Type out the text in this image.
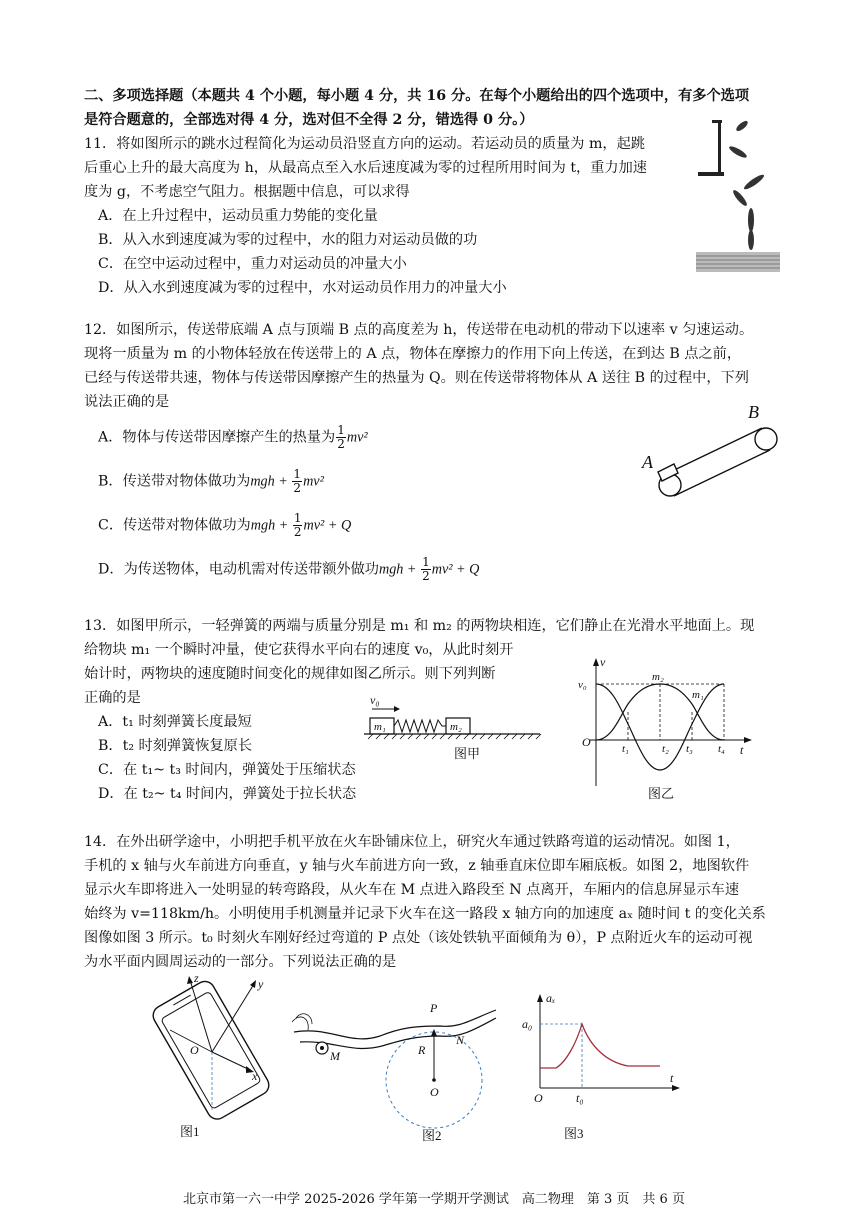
二、多项选择题（本题共 4 个小题，每小题 4 分，共 16 分。在每个小题给出的四个选项中，有多个选项
是符合题意的，全部选对得 4 分，选对但不全得 2 分，错选得 0 分。）
11．将如图所示的跳水过程简化为运动员沿竖直方向的运动。若运动员的质量为 m，起跳
后重心上升的最大高度为 h，从最高点至入水后速度减为零的过程所用时间为 t，重力加速
度为 g，不考虑空气阻力。根据题中信息，可以求得
A．在上升过程中，运动员重力势能的变化量
B．从入水到速度减为零的过程中，水的阻力对运动员做的功
C．在空中运动过程中，重力对运动员的冲量大小
D．从入水到速度减为零的过程中，水对运动员作用力的冲量大小
12．如图所示，传送带底端 A 点与顶端 B 点的高度差为 h，传送带在电动机的带动下以速率 v 匀速运动。
现将一质量为 m 的小物体轻放在传送带上的 A 点，物体在摩擦力的作用下向上传送，在到达 B 点之前，
已经与传送带共速，物体与传送带因摩擦产生的热量为 Q。则在传送带将物体从 A 送往 B 的过程中，下列
说法正确的是
A．物体与传送带因摩擦产生的热量为 $\frac{1}{2} mv^2$
B．传送带对物体做功为mgh + $\frac{1}{2} mv^2$
C．传送带对物体做功为mgh + $\frac{1}{2} mv^2 + Q$
D．为传送物体，电动机需对传送带额外做功mgh + $\frac{1}{2} mv^2 + Q$
A
B
13．如图甲所示，一轻弹簧的两端与质量分别是 m₁ 和 m₂ 的两物块相连，它们静止在光滑水平地面上。现
给物块 m₁ 一个瞬时冲量，使它获得水平向右的速度 v₀，从此时刻开
始计时，两物块的速度随时间变化的规律如图乙所示。则下列判断
正确的是
A．t₁ 时刻弹簧长度最短
B．t₂ 时刻弹簧恢复原长
C．在 t₁~ t₃ 时间内，弹簧处于压缩状态
D．在 t₂~ t₄ 时间内，弹簧处于拉长状态
v₀
m₁	m₂
图甲
v
t
O
v₀
m₂
m₁
t₁	t₂ t₃ t₄
图乙
14．在外出研学途中，小明把手机平放在火车卧铺床位上，研究火车通过铁路弯道的运动情况。如图 1，
手机的 x 轴与火车前进方向垂直，y 轴与火车前进方向一致，z 轴垂直床位即车厢底板。如图 2，地图软件
显示火车即将进入一处明显的转弯路段，从火车在 M 点进入路段至 N 点离开，车厢内的信息屏显示车速
始终为 v=118km/h。小明使用手机测量并记录下火车在这一路段 x 轴方向的加速度 aₓ 随时间 t 的变化关系
图像如图 3 所示。t₀ 时刻火车刚好经过弯道的 P 点处（该处铁轨平面倾角为 θ），P 点附近火车的运动可视
为水平面内圆周运动的一部分。下列说法正确的是
z	y
x
O
图1
P
N
M	R
O
图2
aₓ
a₀
t
t₀
O
图3
北京市第一六一中学 2025-2026 学年第一学期开学测试　高二物理　第 3 页　共 6 页
